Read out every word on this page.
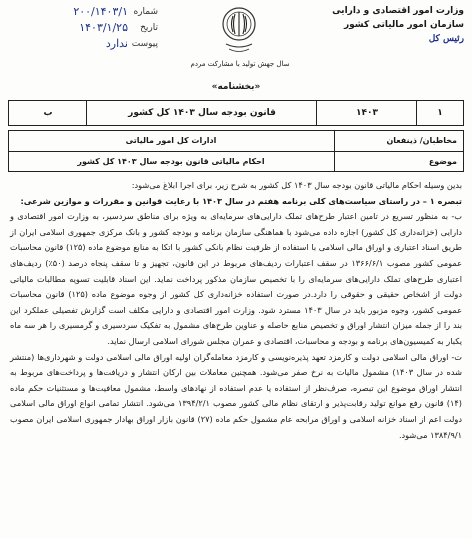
وزارت امور اقتصادی و دارایی
سازمان امور مالیاتی کشور
رئیس کل
سال جهش تولید با مشارکت مردم
شماره
۲۰۰/۱۴۰۳/۱
تاریخ
۱۴۰۳/۱/۲۵
پیوست
ندارد
«بخشنامه»
۱
۱۴۰۳
قانون بودجه سال ۱۴۰۳ کل کشور
ب
مخاطبان/ ذینفعان
ادارات کل امور مالیاتی
موضوع
احکام مالیاتی قانون بودجه سال ۱۴۰۳ کل کشور

بدین وسیله احکام مالیاتی قانون بودجه سال ۱۴۰۳ کل کشور به شرح زیر، برای اجرا ابلاغ می‌شود:

تبصره ۱ – در راستای سیاست‌های کلی برنامه هفتم در سال ۱۴۰۳ با رعایت قوانین و مقررات و موازین شرعی:

ب- به منظور تسریع در تامین اعتبار طرح‌های تملک دارایی‌های سرمایه‌ای به ویژه برای مناطق سردسیر، به وزارت امور اقتصادی و دارایی (خزانه‌داری کل کشور) اجازه داده می‌شود با هماهنگی سازمان برنامه و بودجه کشور و بانک مرکزی جمهوری اسلامی ایران از طریق اسناد اعتباری و اوراق مالی اسلامی با استفاده از ظرفیت نظام بانکی کشور با اتکا به منابع موضوع ماده (۱۲۵) قانون محاسبات عمومی کشور مصوب ۱۳۶۶/۶/۱ در سقف اعتبارات ردیف‌های مربوط در این قانون، تجهیز و تا سقف پنجاه درصد (۵۰٪) ردیف‌های اعتباری طرح‌های تملک دارایی‌های سرمایه‌ای را با تخصیص سازمان مذکور پرداخت نماید. این اسناد قابلیت تسویه مطالبات مالیاتی دولت از اشخاص حقیقی و حقوقی را دارد.در صورت استفاده خزانه‌داری کل کشور از وجوه موضوع ماده (۱۲۵) قانون محاسبات عمومی کشور، وجوه مزبور باید در سال ۱۴۰۳ مسترد شود. وزارت امور اقتصادی و دارایی مکلف است گزارش تفصیلی عملکرد این بند را از جمله میزان انتشار اوراق و تخصیص منابع حاصله و عناوین طرح‌های مشمول به تفکیک سردسیری و گرمسیری را هر سه ماه یکبار به کمیسیون‌های برنامه و بودجه و محاسبات، اقتصادی و عمران مجلس شورای اسلامی ارسال نماید.

ت- اوراق مالی اسلامی دولت و کارمزد تعهد پذیره‌نویسی و کارمزد معامله‌گران اولیه اوراق مالی اسلامی دولت و شهرداری‌ها (منتشر شده در سال ۱۴۰۳) مشمول مالیات به نرخ صفر می‌شود. همچنین معاملات بین ارکان انتشار و دریافت‌ها و پرداخت‌های مربوط به انتشار اوراق موضوع این تبصره، صرف‌نظر از استفاده یا عدم استفاده از نهادهای واسط، مشمول معافیت‌ها و مستثنیات حکم ماده (۱۴) قانون رفع موانع تولید رقابت‌پذیر و ارتقای نظام مالی کشور مصوب ۱۳۹۴/۲/۱ می‌شود. انتشار تمامی انواع اوراق مالی اسلامی دولت اعم از اسناد خزانه اسلامی و اوراق مرابحه عام مشمول حکم ماده (۲۷) قانون بازار اوراق بهادار جمهوری اسلامی ایران مصوب ۱۳۸۴/۹/۱ می‌شود.
